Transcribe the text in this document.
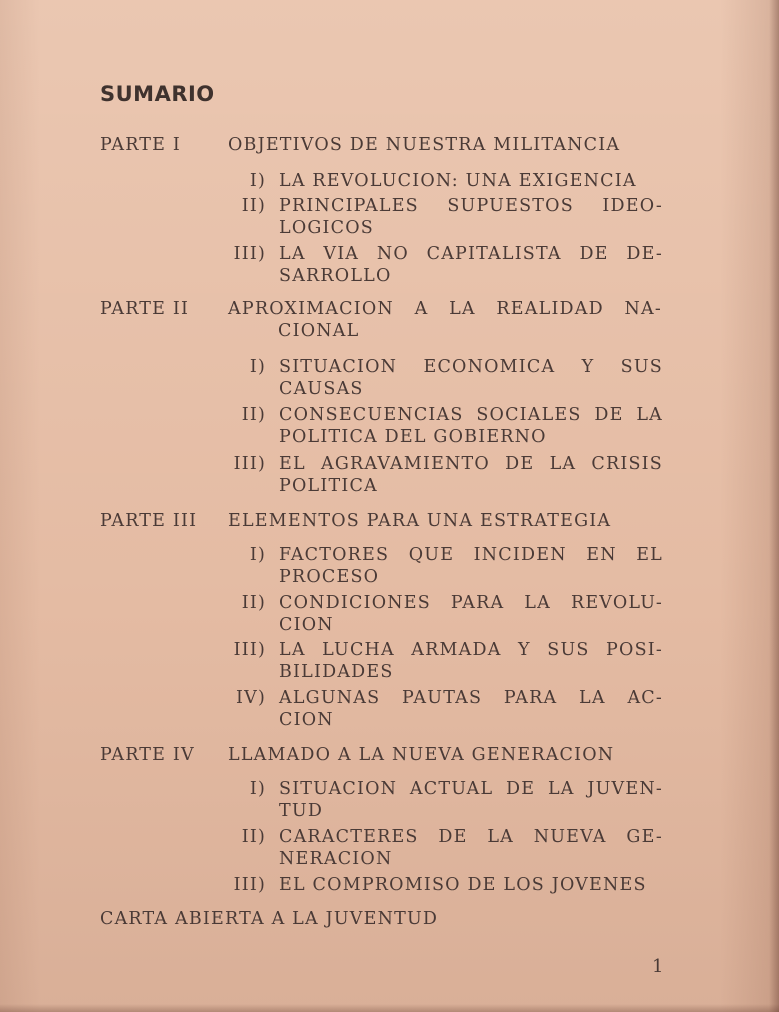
SUMARIO
PARTE I	OBJETIVOS DE NUESTRA MILITANCIA
I) LA REVOLUCION: UNA EXIGENCIA
II) PRINCIPALES SUPUESTOS IDEO-
LOGICOS
III) LA VIA NO CAPITALISTA DE DE-
SARROLLO
PARTE II APROXIMACION A LA REALIDAD NA-
CIONAL
I) SITUACION ECONOMICA Y SUS
CAUSAS
II) CONSECUENCIAS SOCIALES DE LA
POLITICA DEL GOBIERNO
III) EL AGRAVAMIENTO DE LA CRISIS
POLITICA
PARTE III ELEMENTOS PARA UNA ESTRATEGIA
I) FACTORES QUE INCIDEN EN EL
PROCESO
II) CONDICIONES PARA LA REVOLU-
CION
III) LA LUCHA ARMADA Y SUS POSI-
BILIDADES
IV) ALGUNAS PAUTAS PARA LA AC-
CION
PARTE IV LLAMADO A LA NUEVA GENERACION
I) SITUACION ACTUAL DE LA JUVEN-
TUD
II) CARACTERES DE LA NUEVA GE-
NERACION
III) EL COMPROMISO DE LOS JOVENES
CARTA ABIERTA A LA JUVENTUD
1
